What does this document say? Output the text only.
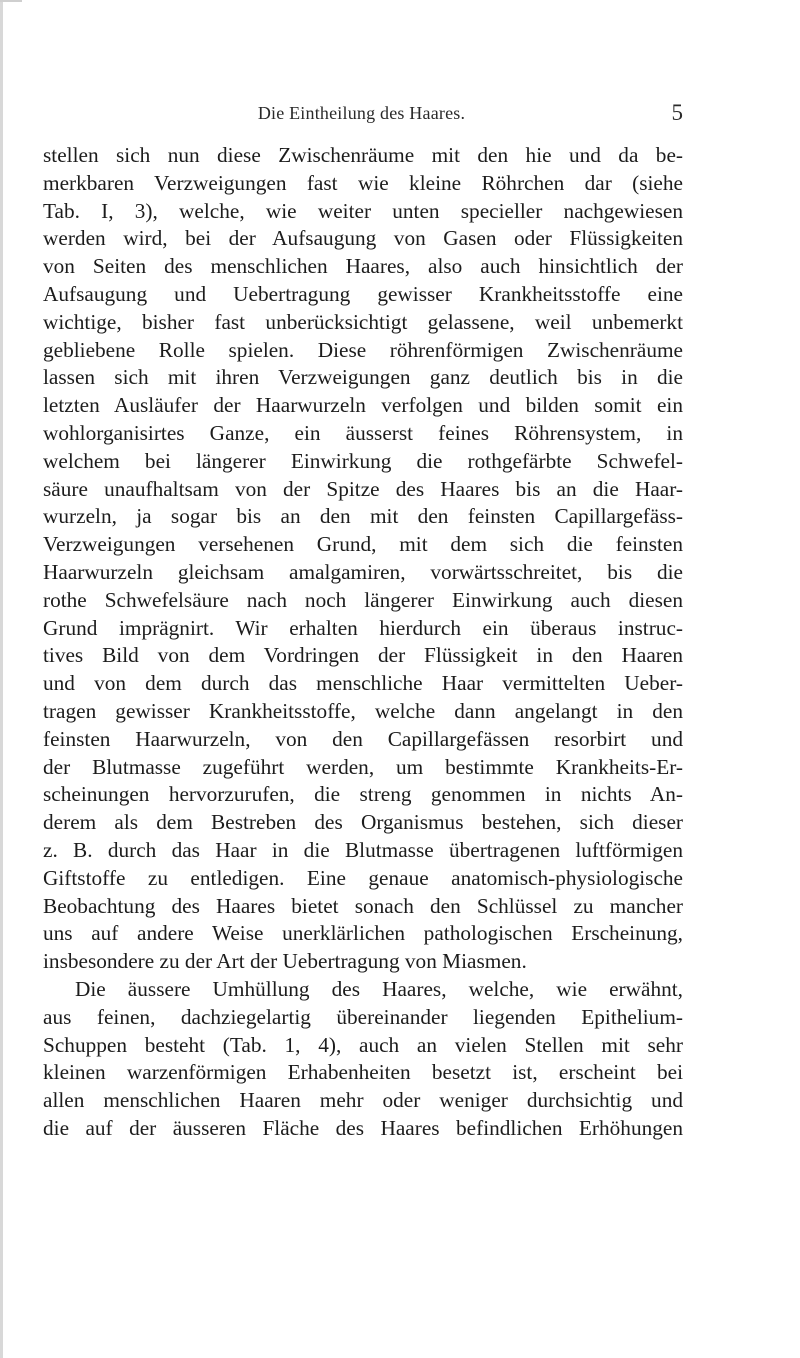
Die Eintheilung des Haares.	5
stellen sich nun diese Zwischenräume mit den hie und da be-
merkbaren Verzweigungen fast wie kleine Röhrchen dar (siehe
Tab. I, 3), welche, wie weiter unten specieller nachgewiesen
werden wird, bei der Aufsaugung von Gasen oder Flüssigkeiten
von Seiten des menschlichen Haares, also auch hinsichtlich der
Aufsaugung und Uebertragung gewisser Krankheitsstoffe eine
wichtige, bisher fast unberücksichtigt gelassene, weil unbemerkt
gebliebene Rolle spielen. Diese röhrenförmigen Zwischenräume
lassen sich mit ihren Verzweigungen ganz deutlich bis in die
letzten Ausläufer der Haarwurzeln verfolgen und bilden somit ein
wohlorganisirtes Ganze, ein äusserst feines Röhrensystem, in
welchem bei längerer Einwirkung die rothgefärbte Schwefel-
säure unaufhaltsam von der Spitze des Haares bis an die Haar-
wurzeln, ja sogar bis an den mit den feinsten Capillargefäss-
Verzweigungen versehenen Grund, mit dem sich die feinsten
Haarwurzeln gleichsam amalgamiren, vorwärtsschreitet, bis die
rothe Schwefelsäure nach noch längerer Einwirkung auch diesen
Grund imprägnirt. Wir erhalten hierdurch ein überaus instruc-
tives Bild von dem Vordringen der Flüssigkeit in den Haaren
und von dem durch das menschliche Haar vermittelten Ueber-
tragen gewisser Krankheitsstoffe, welche dann angelangt in den
feinsten Haarwurzeln, von den Capillargefässen resorbirt und
der Blutmasse zugeführt werden, um bestimmte Krankheits-Er-
scheinungen hervorzurufen, die streng genommen in nichts An-
derem als dem Bestreben des Organismus bestehen, sich dieser
z. B. durch das Haar in die Blutmasse übertragenen luftförmigen
Giftstoffe zu entledigen. Eine genaue anatomisch-physiologische
Beobachtung des Haares bietet sonach den Schlüssel zu mancher
uns auf andere Weise unerklärlichen pathologischen Erscheinung,
insbesondere zu der Art der Uebertragung von Miasmen.
Die äussere Umhüllung des Haares, welche, wie erwähnt,
aus feinen, dachziegelartig übereinander liegenden Epithelium-
Schuppen besteht (Tab. 1, 4), auch an vielen Stellen mit sehr
kleinen warzenförmigen Erhabenheiten besetzt ist, erscheint bei
allen menschlichen Haaren mehr oder weniger durchsichtig und
die auf der äusseren Fläche des Haares befindlichen Erhöhungen
